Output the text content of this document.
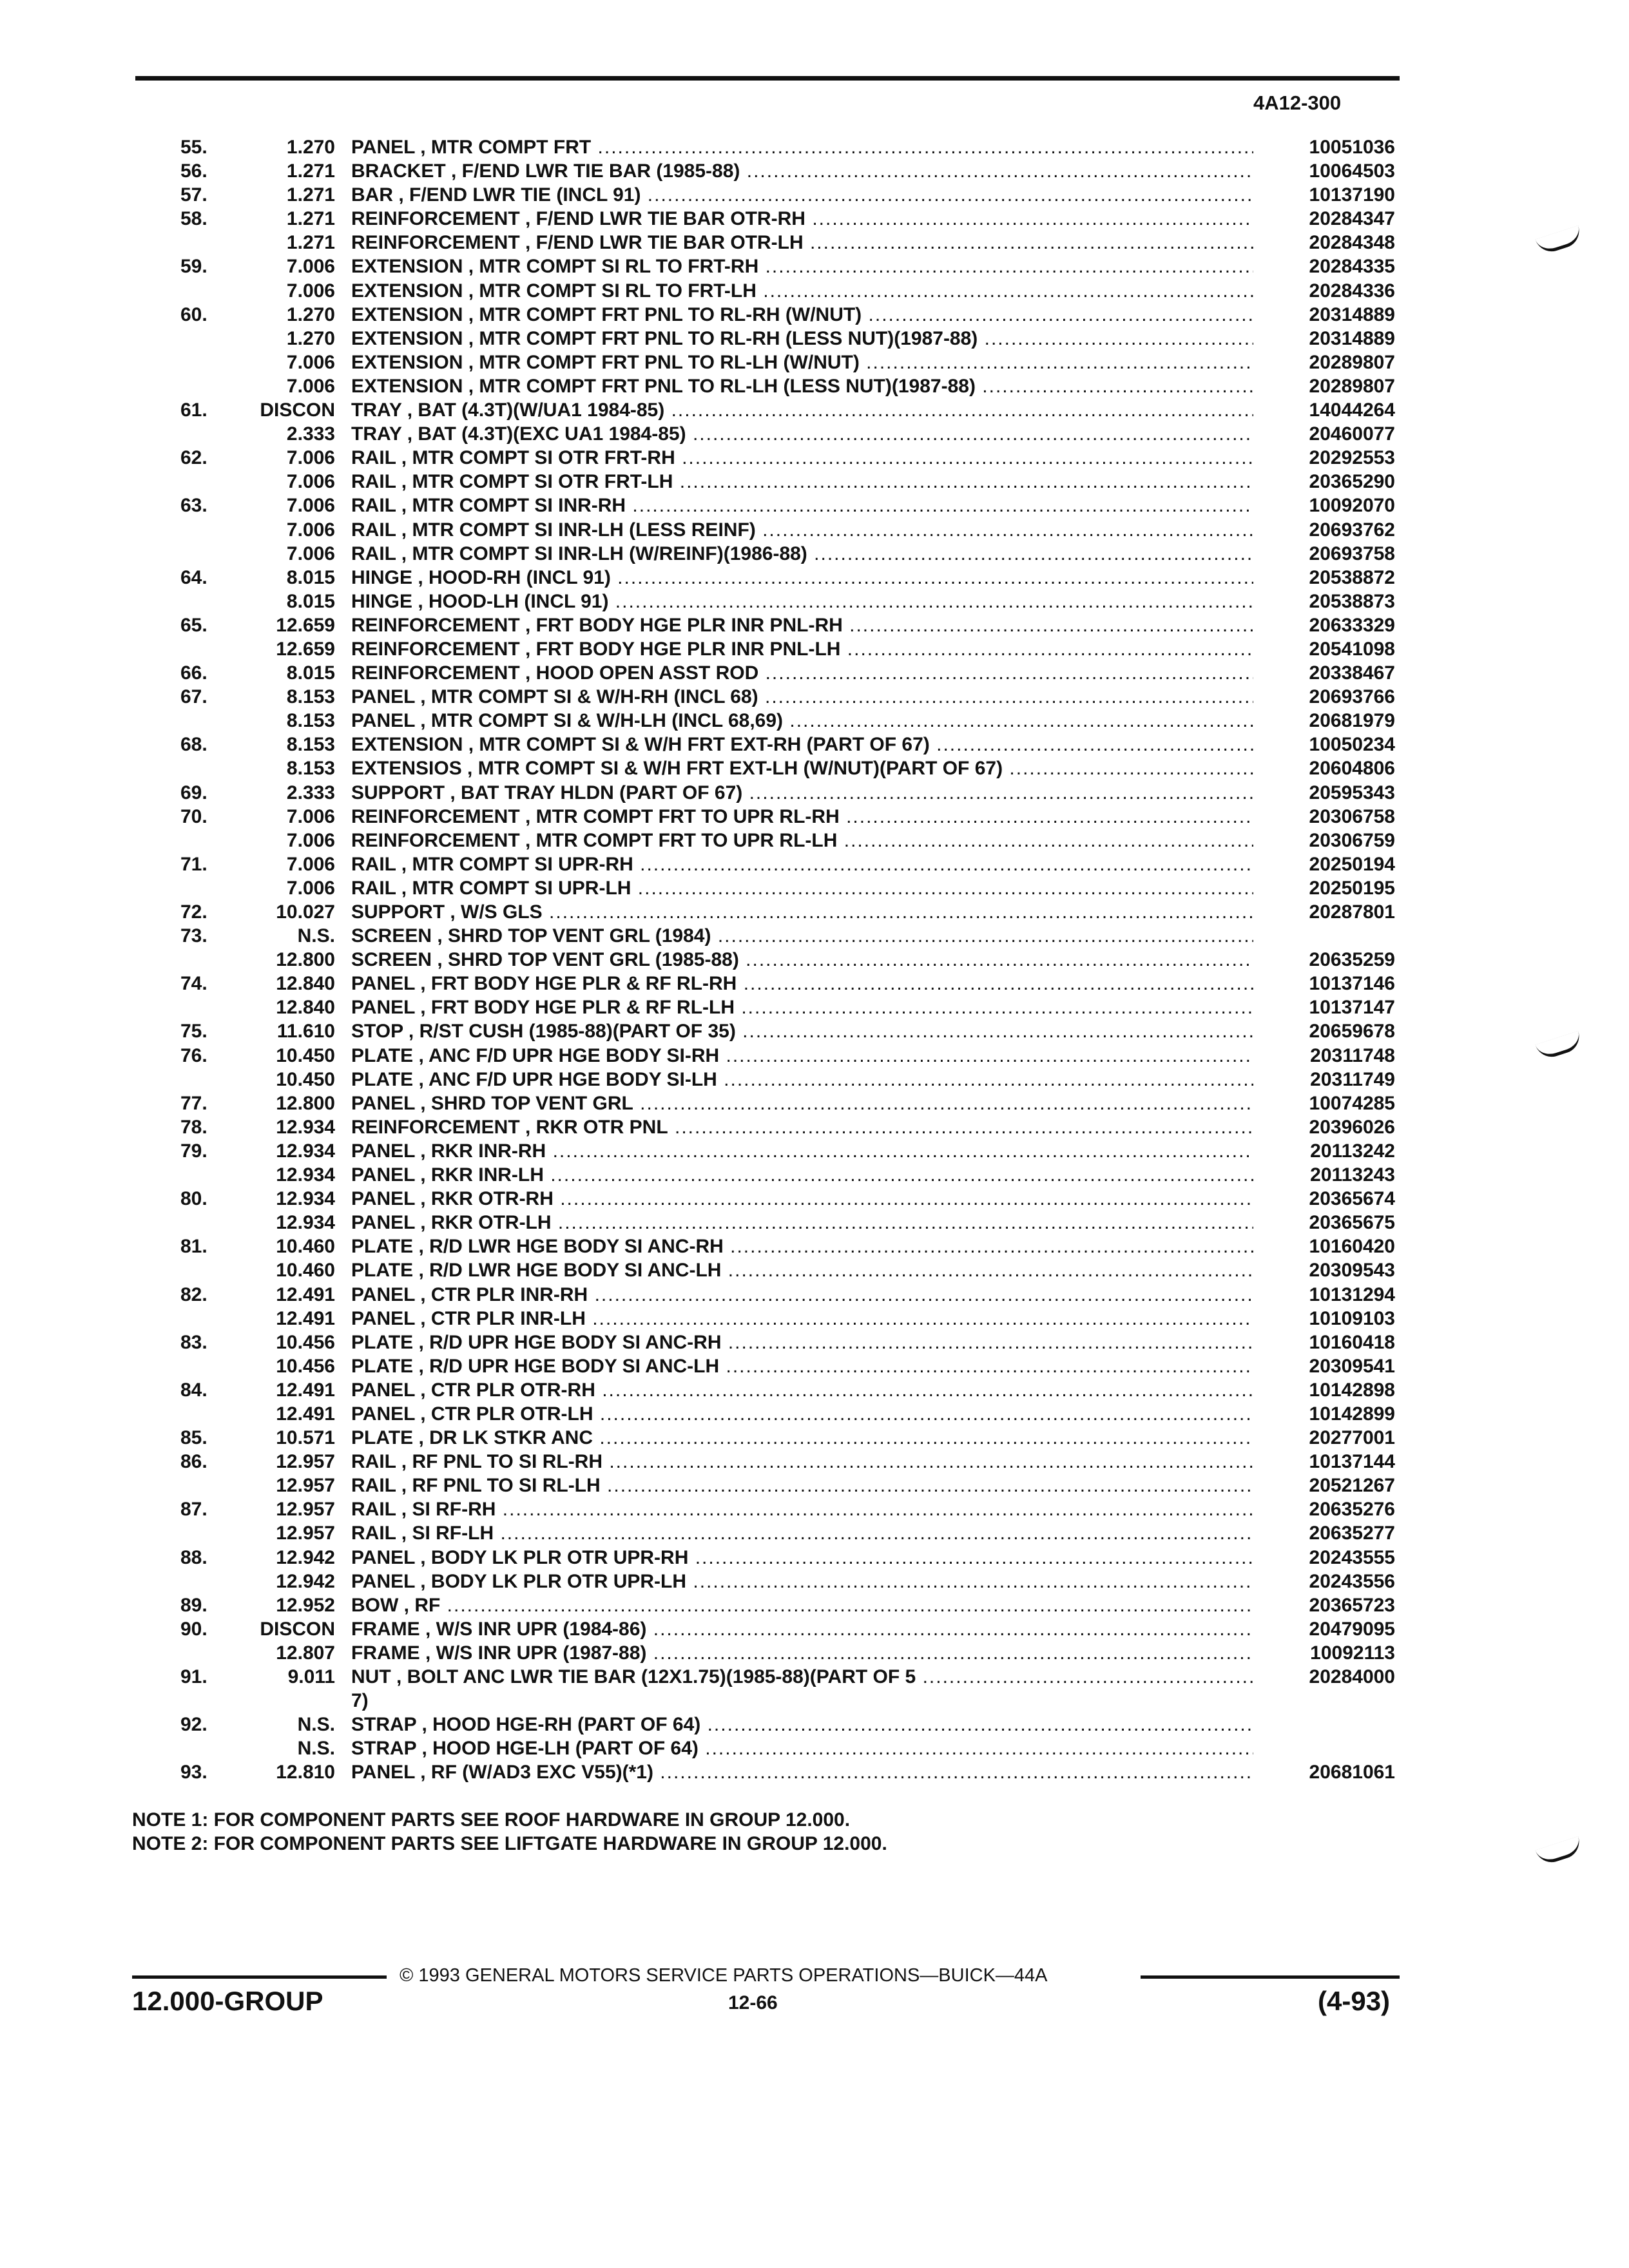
4A12-300
55.	1.270 PANEL , MTR COMPT FRT .....	10051036
56.	1.271 BRACKET , F/END LWR TIE BAR (1985-88) .....	10064503
57.	1.271 BAR , F/END LWR TIE (INCL 91) .....	10137190
58.	1.271 REINFORCEMENT , F/END LWR TIE BAR OTR-RH .....	20284347
1.271 REINFORCEMENT , F/END LWR TIE BAR OTR-LH .....	20284348
59.	7.006 EXTENSION , MTR COMPT SI RL TO FRT-RH .....	20284335
7.006 EXTENSION , MTR COMPT SI RL TO FRT-LH .....	20284336
60.	1.270 EXTENSION , MTR COMPT FRT PNL TO RL-RH (W/NUT) .....	20314889
1.270 EXTENSION , MTR COMPT FRT PNL TO RL-RH (LESS NUT)(1987-88) .....	20314889
7.006 EXTENSION , MTR COMPT FRT PNL TO RL-LH (W/NUT) .....	20289807
7.006 EXTENSION , MTR COMPT FRT PNL TO RL-LH (LESS NUT)(1987-88) .....	20289807
61.	DISCON TRAY , BAT (4.3T)(W/UA1 1984-85) .....	14044264
2.333 TRAY , BAT (4.3T)(EXC UA1 1984-85) .....	20460077
62.	7.006 RAIL , MTR COMPT SI OTR FRT-RH .....	20292553
7.006 RAIL , MTR COMPT SI OTR FRT-LH .....	20365290
63.	7.006 RAIL , MTR COMPT SI INR-RH .....	10092070
7.006 RAIL , MTR COMPT SI INR-LH (LESS REINF) .....	20693762
7.006 RAIL , MTR COMPT SI INR-LH (W/REINF)(1986-88) .....	20693758
64.	8.015 HINGE , HOOD-RH (INCL 91) .....	20538872
8.015 HINGE , HOOD-LH (INCL 91) .....	20538873
65.	12.659 REINFORCEMENT , FRT BODY HGE PLR INR PNL-RH .....	20633329
12.659 REINFORCEMENT , FRT BODY HGE PLR INR PNL-LH .....	20541098
66.	8.015 REINFORCEMENT , HOOD OPEN ASST ROD .....	20338467
67.	8.153 PANEL , MTR COMPT SI & W/H-RH (INCL 68) .....	20693766
8.153 PANEL , MTR COMPT SI & W/H-LH (INCL 68,69) .....	20681979
68.	8.153 EXTENSION , MTR COMPT SI & W/H FRT EXT-RH (PART OF 67) .....	10050234
8.153 EXTENSIOS , MTR COMPT SI & W/H FRT EXT-LH (W/NUT)(PART OF 67) .....	20604806
69.	2.333 SUPPORT , BAT TRAY HLDN (PART OF 67) .....	20595343
70.	7.006 REINFORCEMENT , MTR COMPT FRT TO UPR RL-RH .....	20306758
7.006 REINFORCEMENT , MTR COMPT FRT TO UPR RL-LH .....	20306759
71.	7.006 RAIL , MTR COMPT SI UPR-RH .....	20250194
7.006 RAIL , MTR COMPT SI UPR-LH .....	20250195
72.	10.027 SUPPORT , W/S GLS .....	20287801
73.	N.S. SCREEN , SHRD TOP VENT GRL (1984) .....
12.800 SCREEN , SHRD TOP VENT GRL (1985-88) .....	20635259
74.	12.840 PANEL , FRT BODY HGE PLR & RF RL-RH .....	10137146
12.840 PANEL , FRT BODY HGE PLR & RF RL-LH .....	10137147
75.	11.610 STOP , R/ST CUSH (1985-88)(PART OF 35) .....	20659678
76.	10.450 PLATE , ANC F/D UPR HGE BODY SI-RH .....	20311748
10.450 PLATE , ANC F/D UPR HGE BODY SI-LH .....	20311749
77.	12.800 PANEL , SHRD TOP VENT GRL .....	10074285
78.	12.934 REINFORCEMENT , RKR OTR PNL .....	20396026
79.	12.934 PANEL , RKR INR-RH .....	20113242
12.934 PANEL , RKR INR-LH .....	20113243
80.	12.934 PANEL , RKR OTR-RH .....	20365674
12.934 PANEL , RKR OTR-LH .....	20365675
81.	10.460 PLATE , R/D LWR HGE BODY SI ANC-RH .....	10160420
10.460 PLATE , R/D LWR HGE BODY SI ANC-LH .....	20309543
82.	12.491 PANEL , CTR PLR INR-RH .....	10131294
12.491 PANEL , CTR PLR INR-LH .....	10109103
83.	10.456 PLATE , R/D UPR HGE BODY SI ANC-RH .....	10160418
10.456 PLATE , R/D UPR HGE BODY SI ANC-LH .....	20309541
84.	12.491 PANEL , CTR PLR OTR-RH .....	10142898
12.491 PANEL , CTR PLR OTR-LH .....	10142899
85.	10.571 PLATE , DR LK STKR ANC .....	20277001
86.	12.957 RAIL , RF PNL TO SI RL-RH .....	10137144
12.957 RAIL , RF PNL TO SI RL-LH .....	20521267
87.	12.957 RAIL , SI RF-RH .....	20635276
12.957 RAIL , SI RF-LH .....	20635277
88.	12.942 PANEL , BODY LK PLR OTR UPR-RH .....	20243555
12.942 PANEL , BODY LK PLR OTR UPR-LH .....	20243556
89.	12.952 BOW , RF .....	20365723
90.	DISCON FRAME , W/S INR UPR (1984-86) .....	20479095
12.807 FRAME , W/S INR UPR (1987-88) .....	10092113
91.	9.011 NUT , BOLT ANC LWR TIE BAR (12X1.75)(1985-88)(PART OF 5 .....	20284000
7)
92.	N.S. STRAP , HOOD HGE-RH (PART OF 64) .....
N.S. STRAP , HOOD HGE-LH (PART OF 64) .....
93.	12.810 PANEL , RF (W/AD3 EXC V55)(*1) .....	20681061
NOTE 1: FOR COMPONENT PARTS SEE ROOF HARDWARE IN GROUP 12.000.
NOTE 2: FOR COMPONENT PARTS SEE LIFTGATE HARDWARE IN GROUP 12.000.
© 1993 GENERAL MOTORS SERVICE PARTS OPERATIONS—BUICK—44A
12.000-GROUP	12-66	(4-93)
